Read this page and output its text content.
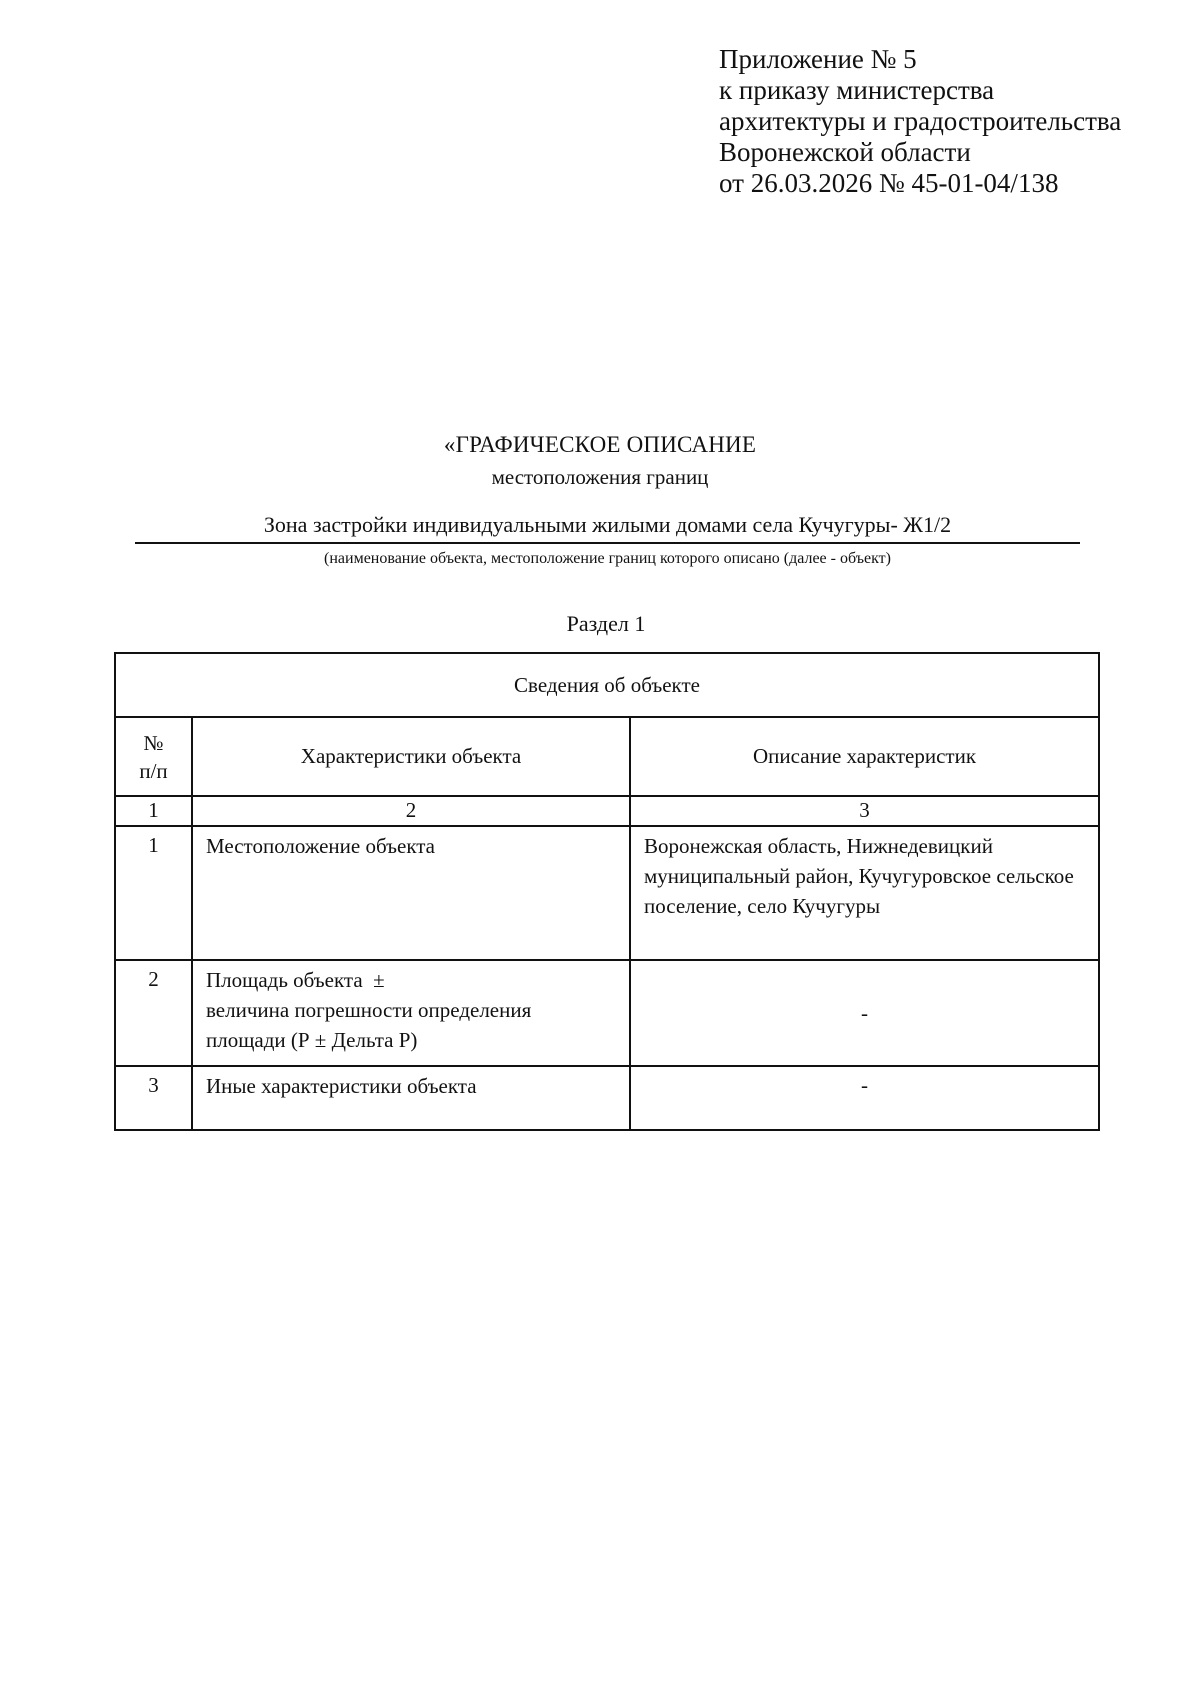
Приложение № 5
к приказу министерства
архитектуры и градостроительства
Воронежской области
от 26.03.2026 № 45-01-04/138
«ГРАФИЧЕСКОЕ ОПИСАНИЕ
местоположения границ
Зона застройки индивидуальными жилыми домами села Кучугуры- Ж1/2
(наименование объекта, местоположение границ которого описано (далее - объект)
Раздел 1
Сведения об объекте		

№
п/п	Характеристики объекта	Описание характеристик
1	2	3
1	Местоположение объекта	Воронежская область, Нижнедевицкий муниципальный район, Кучугуровское сельское поселение, село Кучугуры
2	Площадь объекта  ±
величина погрешности определения
площади (Р ± Дельта Р)	-
3	Иные характеристики объекта	-
